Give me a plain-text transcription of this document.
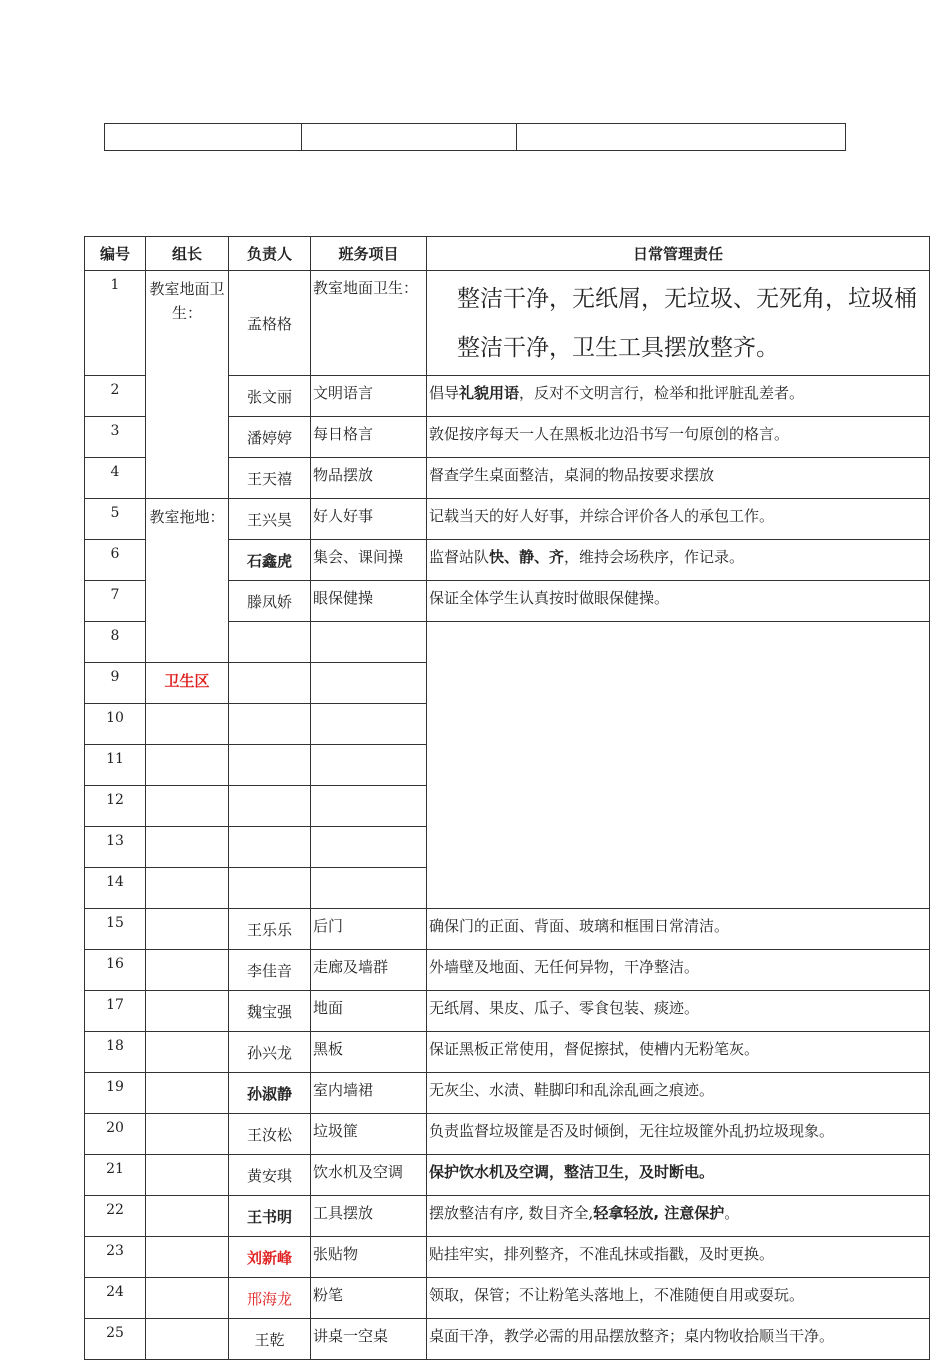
编号	组长	负责人	班务项目	日常管理责任
1	教室地面卫生：	孟格格	教室地面卫生：	整洁干净，无纸屑，无垃圾、无死角，垃圾桶
整洁干净，卫生工具摆放整齐。

2		张文丽	文明语言	倡导礼貌用语，反对不文明言行，检举和批评脏乱差者。
3		潘婷婷	每日格言	敦促按序每天一人在黑板北边沿书写一句原创的格言。
4		王天禧	物品摆放	督查学生桌面整洁，桌洞的物品按要求摆放
5	教室拖地：	王兴昊	好人好事	记载当天的好人好事，并综合评价各人的承包工作。
6		石鑫虎	集会、课间操	监督站队快、静、齐，维持会场秩序，作记录。
7		滕凤娇	眼保健操	保证全体学生认真按时做眼保健操。
8				
9	卫生区			
10				
11				
12				
13				
14				
15		王乐乐	后门	确保门的正面、背面、玻璃和框围日常清洁。
16		李佳音	走廊及墙群	外墙壁及地面、无任何异物，干净整洁。
17		魏宝强	地面	无纸屑、果皮、瓜子、零食包装、痰迹。
18		孙兴龙	黑板	保证黑板正常使用，督促擦拭，使槽内无粉笔灰。
19		孙淑静	室内墙裙	无灰尘、水渍、鞋脚印和乱涂乱画之痕迹。
20		王汝松	垃圾篚	负责监督垃圾篚是否及时倾倒，无往垃圾篚外乱扔垃圾现象。
21		黄安琪	饮水机及空调	保护饮水机及空调，整洁卫生，及时断电。
22		王书明	工具摆放	摆放整洁有序, 数目齐全,轻拿轻放, 注意保护。
23		刘新峰	张贴物	贴挂牢实，排列整齐，不准乱抹或指戳，及时更换。
24		邢海龙	粉笔	领取，保管；不让粉笔头落地上，不准随便自用或耍玩。
25		王乾	讲桌一空桌	桌面干净，教学必需的用品摆放整齐；桌内物收拾顺当干净。
